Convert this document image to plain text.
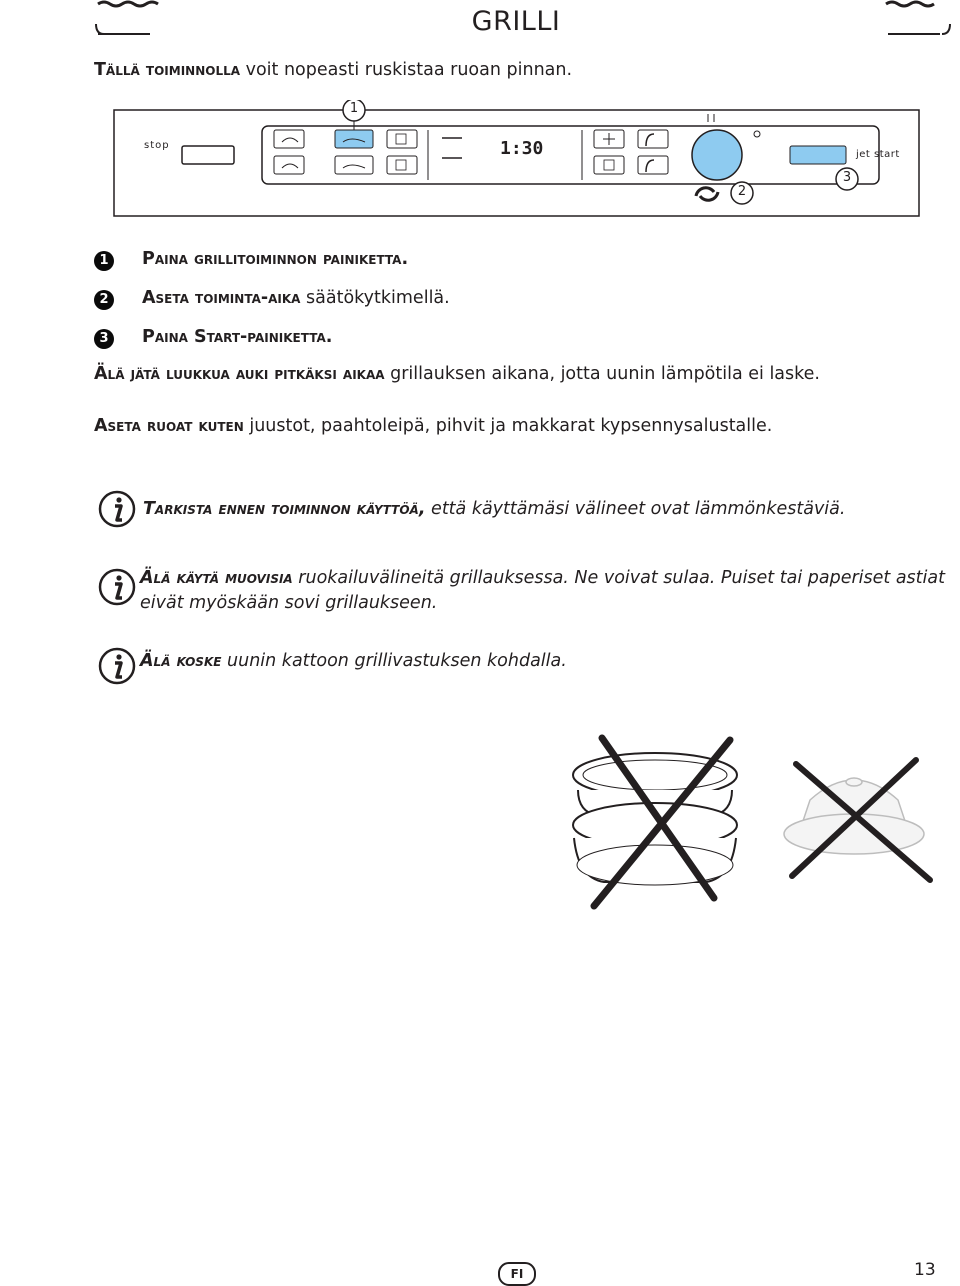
GRILLI
Tällä toiminnolla voit nopeasti ruskistaa ruoan pinnan.
stop
jet start
1:30
1
2
3
1	Paina grillitoiminnon painiketta.
2	Aseta toiminta-aika säätökytkimellä.
3	Paina Start-painiketta.
Älä jätä luukkua auki pitkäksi aikaa grillauksen aikana, jotta uunin lämpötila ei laske.
Aseta ruoat kuten juustot, paahtoleipä, pihvit ja makkarat kypsennysalustalle.
Tarkista ennen toiminnon käyttöä, että käyttämäsi välineet ovat lämmönkestäviä.
Älä käytä muovisia ruokailuvälineitä grillauksessa. Ne voivat sulaa. Puiset tai paperiset astiat
eivät myöskään sovi grillaukseen.
Älä koske uunin kattoon grillivastuksen kohdalla.
FI	13
